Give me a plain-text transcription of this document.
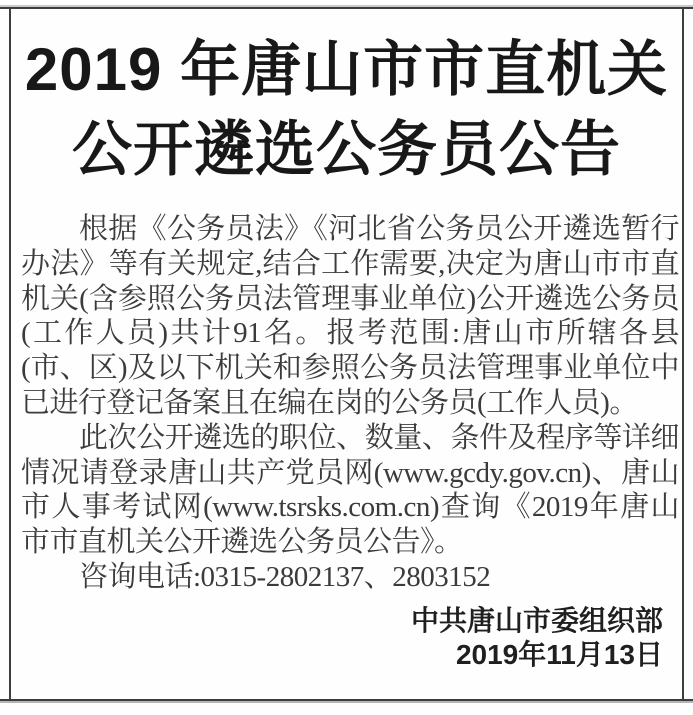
2019 年唐山市市直机关
公开遴选公务员公告

根据《公务员法》《河北省公务员公开遴选暂行办法》等有关规定,结合工作需要,决定为唐山市市直机关(含参照公务员法管理事业单位)公开遴选公务员(工作人员)共计91名。报考范围:唐山市所辖各县(市、区)及以下机关和参照公务员法管理事业单位中已进行登记备案且在编在岗的公务员(工作人员)。

此次公开遴选的职位、数量、条件及程序等详细情况请登录唐山共产党员网(www.gcdy.gov.cn)、唐山市人事考试网(www.tsrsks.com.cn)查询《2019年唐山市市直机关公开遴选公务员公告》。

咨询电话:0315-2802137、2803152

中共唐山市委组织部
2019年11月13日
